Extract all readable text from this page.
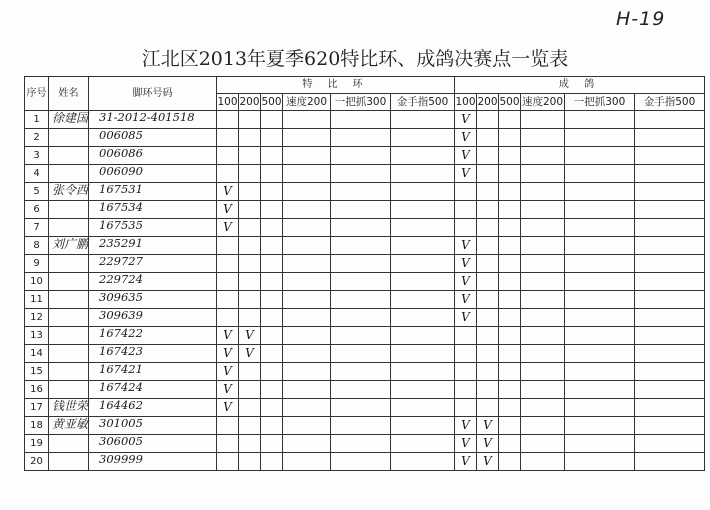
H-19
江北区2013年夏季620特比环、成鸽决赛点一览表
序号	姓名	脚环号码	特 比 环						成 鸽					
			100	200	500	速度200	一把抓300	金手指500	100	200	500	速度200	一把抓300	金手指500
1	徐建国	31-2012-401518							V					
2		006085							V					
3		006086							V					
4		006090							V					
5	张令西	167531	V											
6		167534	V											
7		167535	V											
8	刘广鹏	235291							V					
9		229727							V					
10		229724							V					
11		309635							V					
12		309639							V					
13		167422	V	V										
14		167423	V	V										
15		167421	V											
16		167424	V											
17	钱世荣	164462	V											
18	黄亚敏	301005							V	V				
19		306005							V	V				
20		309999							V	V				
